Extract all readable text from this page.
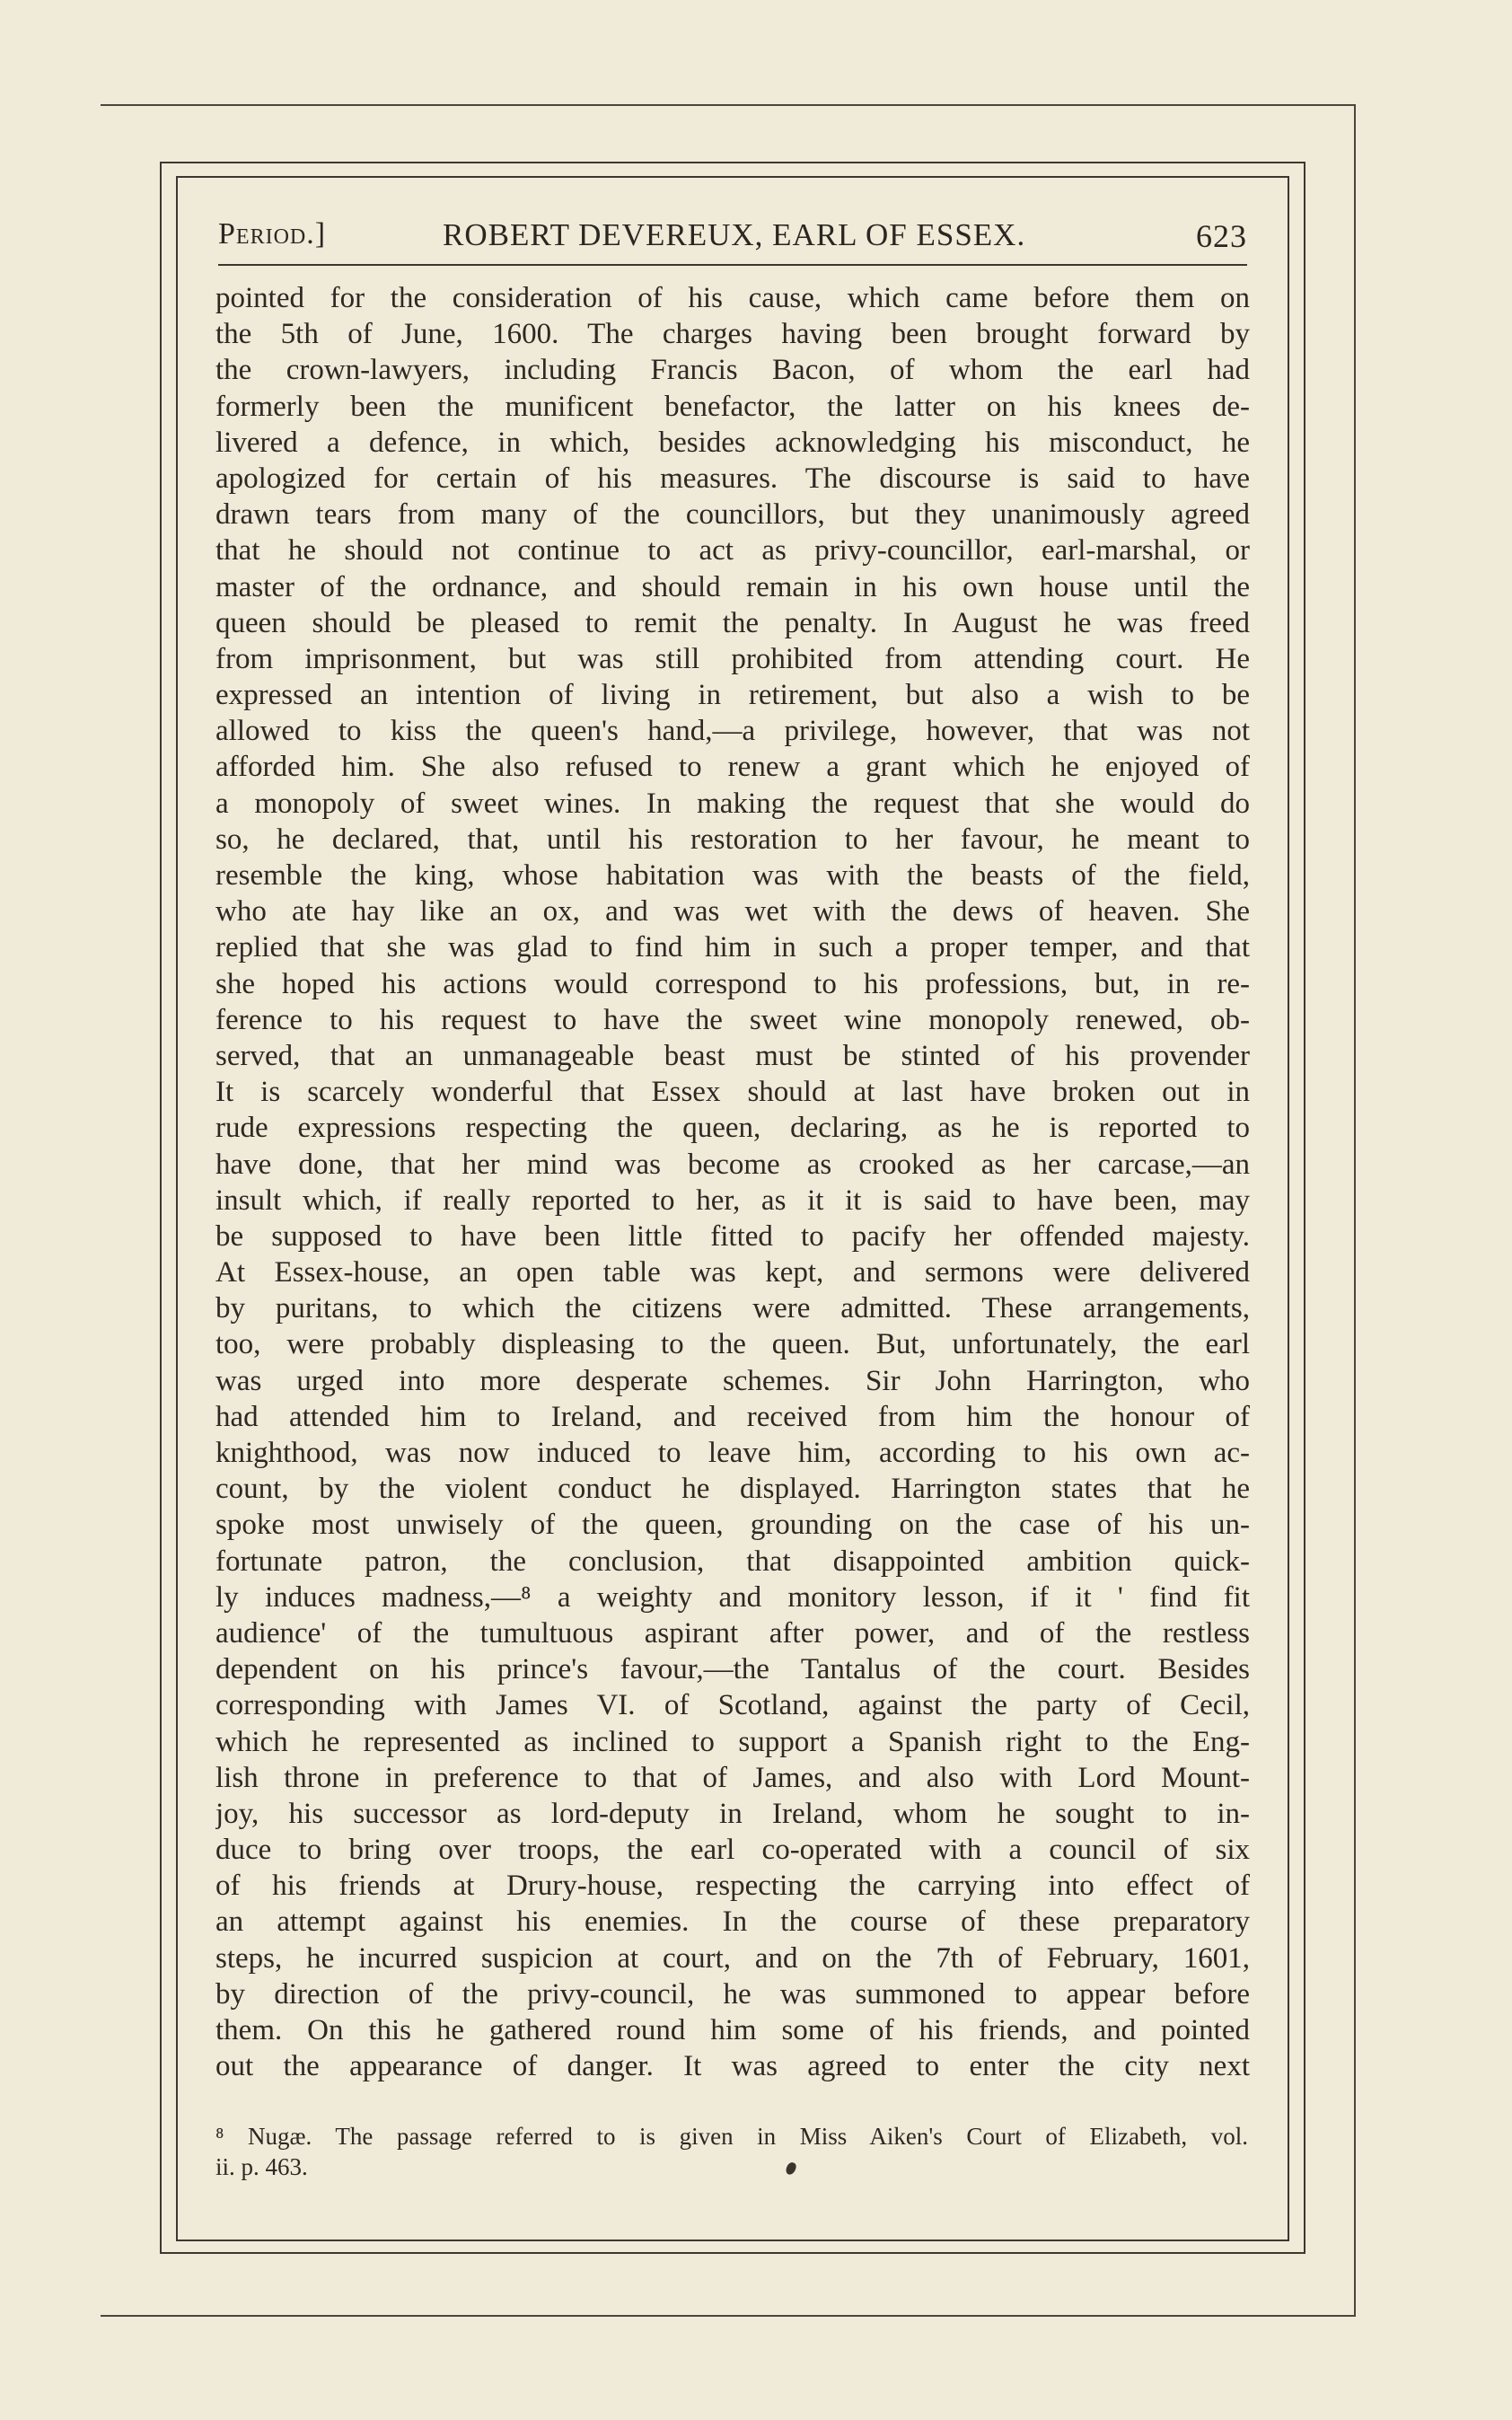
Period.]	ROBERT DEVEREUX, EARL OF ESSEX.	623
pointed for the consideration of his cause, which came before them on
the 5th of June, 1600. The charges having been brought forward by
the crown-lawyers, including Francis Bacon, of whom the earl had
formerly been the munificent benefactor, the latter on his knees de-
livered a defence, in which, besides acknowledging his misconduct, he
apologized for certain of his measures. The discourse is said to have
drawn tears from many of the councillors, but they unanimously agreed
that he should not continue to act as privy-councillor, earl-marshal, or
master of the ordnance, and should remain in his own house until the
queen should be pleased to remit the penalty. In August he was freed
from imprisonment, but was still prohibited from attending court. He
expressed an intention of living in retirement, but also a wish to be
allowed to kiss the queen's hand,—a privilege, however, that was not
afforded him. She also refused to renew a grant which he enjoyed of
a monopoly of sweet wines. In making the request that she would do
so, he declared, that, until his restoration to her favour, he meant to
resemble the king, whose habitation was with the beasts of the field,
who ate hay like an ox, and was wet with the dews of heaven. She
replied that she was glad to find him in such a proper temper, and that
she hoped his actions would correspond to his professions, but, in re-
ference to his request to have the sweet wine monopoly renewed, ob-
served, that an unmanageable beast must be stinted of his provender
It is scarcely wonderful that Essex should at last have broken out in
rude expressions respecting the queen, declaring, as he is reported to
have done, that her mind was become as crooked as her carcase,—an
insult which, if really reported to her, as it it is said to have been, may
be supposed to have been little fitted to pacify her offended majesty.
At Essex-house, an open table was kept, and sermons were delivered
by puritans, to which the citizens were admitted. These arrangements,
too, were probably displeasing to the queen. But, unfortunately, the earl
was urged into more desperate schemes. Sir John Harrington, who
had attended him to Ireland, and received from him the honour of
knighthood, was now induced to leave him, according to his own ac-
count, by the violent conduct he displayed. Harrington states that he
spoke most unwisely of the queen, grounding on the case of his un-
fortunate patron, the conclusion, that disappointed ambition quick-
ly induces madness,—⁸ a weighty and monitory lesson, if it ' find fit
audience' of the tumultuous aspirant after power, and of the restless
dependent on his prince's favour,—the Tantalus of the court. Besides
corresponding with James VI. of Scotland, against the party of Cecil,
which he represented as inclined to support a Spanish right to the Eng-
lish throne in preference to that of James, and also with Lord Mount-
joy, his successor as lord-deputy in Ireland, whom he sought to in-
duce to bring over troops, the earl co-operated with a council of six
of his friends at Drury-house, respecting the carrying into effect of
an attempt against his enemies. In the course of these preparatory
steps, he incurred suspicion at court, and on the 7th of February, 1601,
by direction of the privy-council, he was summoned to appear before
them. On this he gathered round him some of his friends, and pointed
out the appearance of danger. It was agreed to enter the city next
⁸ Nugæ. The passage referred to is given in Miss Aiken's Court of Elizabeth, vol.
ii. p. 463.
